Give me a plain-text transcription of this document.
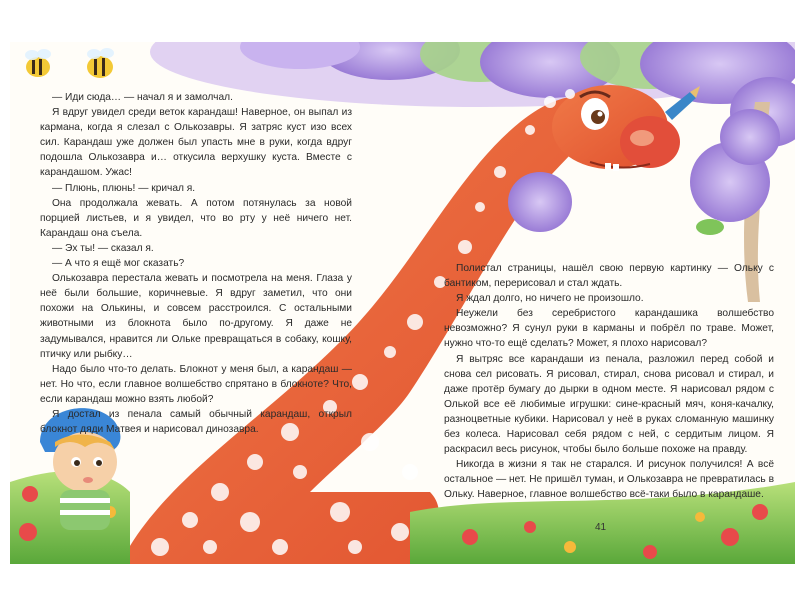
— Иди сюда… — начал я и замолчал.

Я вдруг увидел среди веток карандаш! Наверное, он выпал из кармана, когда я слезал с Олькозавры. Я затряс куст изо всех сил. Карандаш уже должен был упасть мне в руки, когда вдруг подошла Олькозавра и… откусила верхушку куста. Вместе с карандашом. Ужас!

— Плюнь, плюнь! — кричал я.

Она продолжала жевать. А потом потянулась за новой порцией листьев, и я увидел, что во рту у неё ничего нет. Карандаш она съела.

— Эх ты! — сказал я.

— А что я ещё мог сказать?

Олькозавра перестала жевать и посмотрела на меня. Глаза у неё были большие, коричневые. Я вдруг заметил, что они похожи на Олькины, и совсем расстроился. С остальными животными из блокнота было по-другому. Я даже не задумывался, нравится ли Ольке превращаться в собаку, кошку, птичку или рыбку…

Надо было что-то делать. Блокнот у меня был, а карандаш — нет. Но что, если главное волшебство спрятано в блокноте? Что, если карандаш можно взять любой?

Я достал из пенала самый обычный карандаш, открыл блокнот дяди Матвея и нарисовал динозавра.

Полистал страницы, нашёл свою первую картинку — Ольку с бантиком, перерисовал и стал ждать.

Я ждал долго, но ничего не произошло.

Неужели без серебристого карандашика волшебство невозможно? Я сунул руки в карманы и побрёл по траве. Может, нужно что-то ещё сделать? Может, я плохо нарисовал?

Я вытряс все карандаши из пенала, разложил перед собой и снова сел рисовать. Я рисовал, стирал, снова рисовал и стирал, и даже протёр бумагу до дырки в одном месте. Я нарисовал рядом с Олькой все её любимые игрушки: сине-красный мяч, коня-качалку, разноцветные кубики. Нарисовал у неё в руках сломанную машинку без колеса. Нарисовал себя рядом с ней, с сердитым лицом. Я раскрасил весь рисунок, чтобы было больше похоже на правду.

Никогда в жизни я так не старался. И рисунок получился! А всё остальное — нет. Не пришёл туман, и Олькозавра не превратилась в Ольку. Наверное, главное волшебство всё-таки было в карандаше.

41
